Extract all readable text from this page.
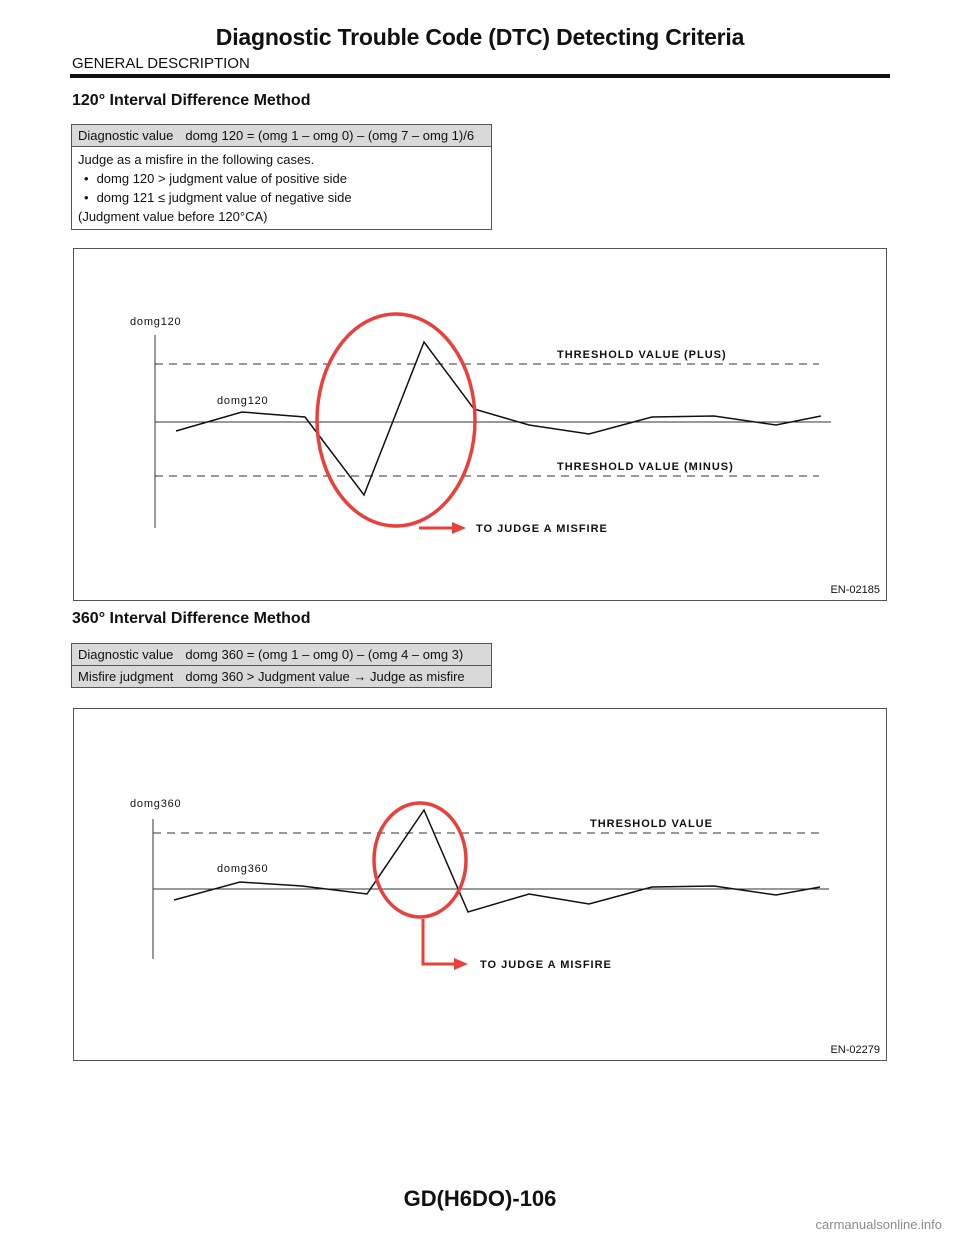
Diagnostic Trouble Code (DTC) Detecting Criteria
GENERAL DESCRIPTION
120° Interval Difference Method
Diagnostic value domg 120 = (omg 1 – omg 0) – (omg 7 – omg 1)/6

Judge as a misfire in the following cases.
• domg 120 > judgment value of positive side
• domg 121 ≤ judgment value of negative side
(Judgment value before 120°CA)
domg120
domg120
THRESHOLD VALUE (PLUS)
THRESHOLD VALUE (MINUS)
TO JUDGE A MISFIRE
EN-02185
360° Interval Difference Method
Diagnostic value domg 360 = (omg 1 – omg 0) – (omg 4 – omg 3)
Misfire judgment domg 360 > Judgment value → Judge as misfire
domg360
domg360
THRESHOLD VALUE
TO JUDGE A MISFIRE
EN-02279
GD(H6DO)-106
carmanualsonline.info
